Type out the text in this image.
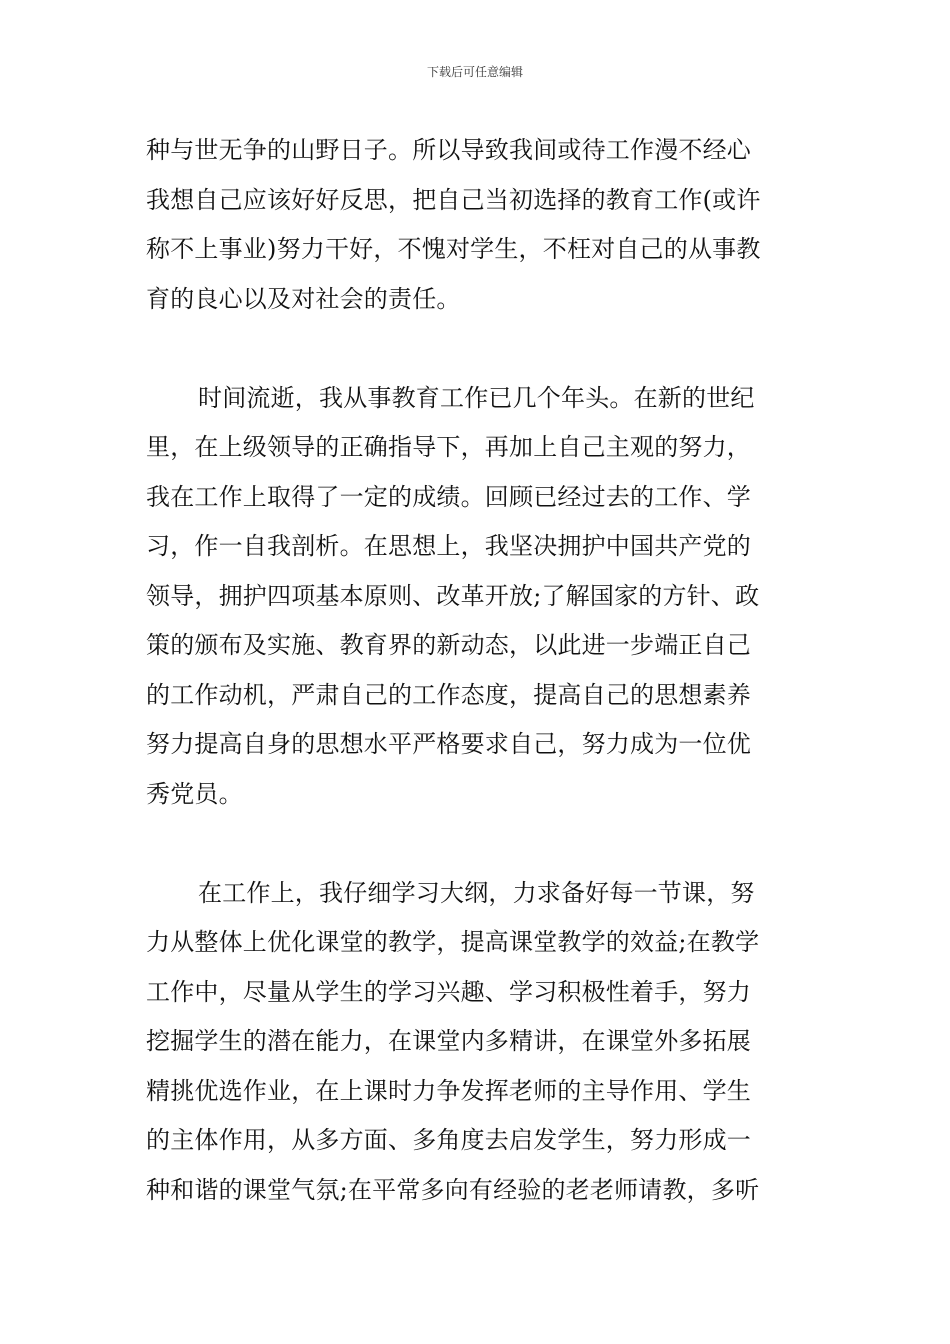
下载后可任意编辑
种与世无争的山野日子。所以导致我间或待工作漫不经心
我想自己应该好好反思，把自己当初选择的教育工作(或许
称不上事业)努力干好，不愧对学生，不枉对自己的从事教
育的良心以及对社会的责任。
时间流逝，我从事教育工作已几个年头。在新的世纪
里，在上级领导的正确指导下，再加上自己主观的努力，
我在工作上取得了一定的成绩。回顾已经过去的工作、学
习，作一自我剖析。在思想上，我坚决拥护中国共产党的
领导，拥护四项基本原则、改革开放;了解国家的方针、政
策的颁布及实施、教育界的新动态，以此进一步端正自己
的工作动机，严肃自己的工作态度，提高自己的思想素养
努力提高自身的思想水平严格要求自己，努力成为一位优
秀党员。
在工作上，我仔细学习大纲，力求备好每一节课，努
力从整体上优化课堂的教学，提高课堂教学的效益;在教学
工作中，尽量从学生的学习兴趣、学习积极性着手，努力
挖掘学生的潜在能力，在课堂内多精讲，在课堂外多拓展
精挑优选作业，在上课时力争发挥老师的主导作用、学生
的主体作用，从多方面、多角度去启发学生，努力形成一
种和谐的课堂气氛;在平常多向有经验的老老师请教，多听
